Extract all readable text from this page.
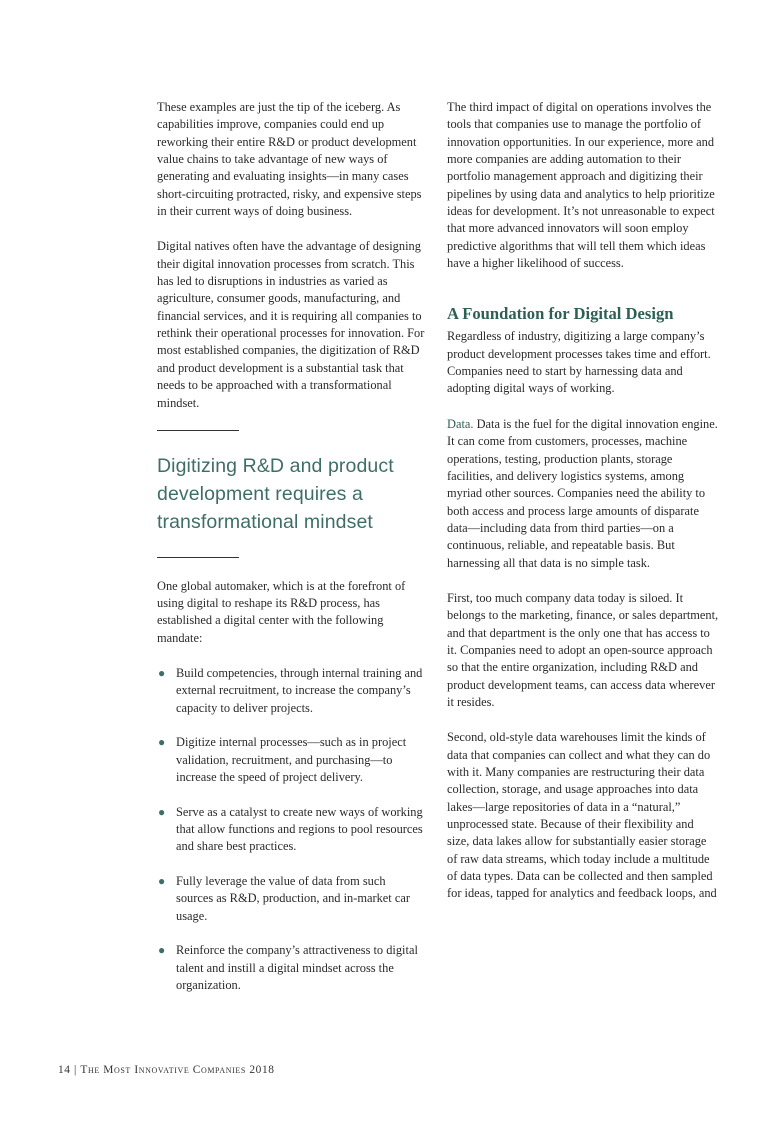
These examples are just the tip of the iceberg. As capabilities improve, companies could end up reworking their entire R&D or product development value chains to take advantage of new ways of generating and evaluating insights—in many cases short-circuiting protracted, risky, and expensive steps in their current ways of doing business.

Digital natives often have the advantage of designing their digital innovation processes from scratch. This has led to disruptions in industries as varied as agriculture, consumer goods, manufacturing, and financial services, and it is requiring all companies to rethink their operational processes for innovation. For most established companies, the digitization of R&D and product development is a substantial task that needs to be approached with a transformational mindset.

Digitizing R&D and product development requires a transformational mindset

One global automaker, which is at the forefront of using digital to reshape its R&D process, has established a digital center with the following mandate:

● Build competencies, through internal training and external recruitment, to increase the company’s capacity to deliver projects.
● Digitize internal processes—such as in project validation, recruitment, and purchasing—to increase the speed of project delivery.
● Serve as a catalyst to create new ways of working that allow functions and regions to pool resources and share best practices.
● Fully leverage the value of data from such sources as R&D, production, and in-market car usage.
● Reinforce the company’s attractiveness to digital talent and instill a digital mindset across the organization.

The third impact of digital on operations involves the tools that companies use to manage the portfolio of innovation opportunities. In our experience, more and more companies are adding automation to their portfolio management approach and digitizing their pipelines by using data and analytics to help prioritize ideas for development. It’s not unreasonable to expect that more advanced innovators will soon employ predictive algorithms that will tell them which ideas have a higher likelihood of success.

A Foundation for Digital Design

Regardless of industry, digitizing a large company’s product development processes takes time and effort. Companies need to start by harnessing data and adopting digital ways of working.

Data. Data is the fuel for the digital innovation engine. It can come from customers, processes, machine operations, testing, production plants, storage facilities, and delivery logistics systems, among myriad other sources. Companies need the ability to both access and process large amounts of disparate data—including data from third parties—on a continuous, reliable, and repeatable basis. But harnessing all that data is no simple task.

First, too much company data today is siloed. It belongs to the marketing, finance, or sales department, and that department is the only one that has access to it. Companies need to adopt an open-source approach so that the entire organization, including R&D and product development teams, can access data wherever it resides.

Second, old-style data warehouses limit the kinds of data that companies can collect and what they can do with it. Many companies are restructuring their data collection, storage, and usage approaches into data lakes—large repositories of data in a “natural,” unprocessed state. Because of their flexibility and size, data lakes allow for substantially easier storage of raw data streams, which today include a multitude of data types. Data can be collected and then sampled for ideas, tapped for analytics and feedback loops, and

14 | The Most Innovative Companies 2018
